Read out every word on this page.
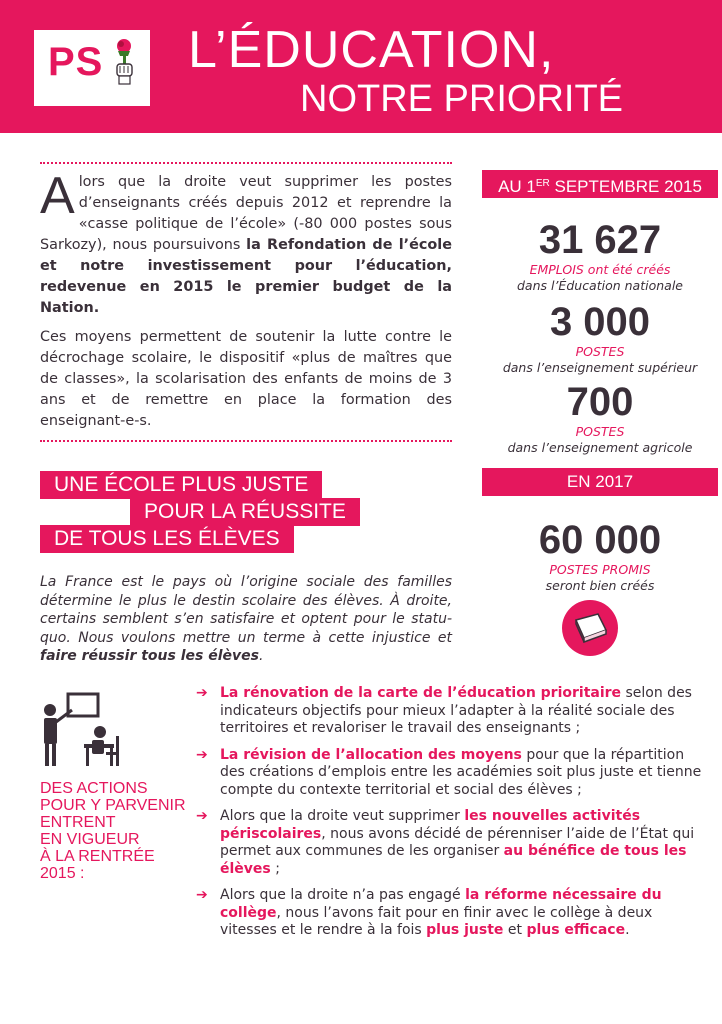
PS L’ÉDUCATION,
NOTRE PRIORITÉ

A lors que la droite veut supprimer les postes d’enseignants créés depuis 2012 et reprendre la «casse politique de l’école» (-80 000 postes sous Sarkozy), nous poursuivons la Refondation de l’école et notre investissement pour l’éducation, redevenue en 2015 le premier budget de la Nation.

Ces moyens permettent de soutenir la lutte contre le décrochage scolaire, le dispositif «plus de maîtres que de classes», la scolarisation des enfants de moins de 3 ans et de remettre en place la formation des enseignant-e-s.

AU 1ER SEPTEMBRE 2015
31 627
EMPLOIS ont été créés
dans l’Éducation nationale
3 000
POSTES
dans l’enseignement supérieur
700
POSTES
dans l’enseignement agricole
EN 2017
60 000
POSTES PROMIS
seront bien créés
UNE ÉCOLE PLUS JUSTE
POUR LA RÉUSSITE
DE TOUS LES ÉLÈVES
La France est le pays où l’origine sociale des familles détermine le plus le destin scolaire des élèves. À droite, certains semblent s’en satisfaire et optent pour le statu-quo. Nous voulons mettre un terme à cette injustice et faire réussir tous les élèves.
DES ACTIONS
POUR Y PARVENIR
ENTRENT
EN VIGUEUR
À LA RENTRÉE
2015 :
➔ La rénovation de la carte de l’éducation prioritaire selon des indicateurs objectifs pour mieux l’adapter à la réalité sociale des territoires et revaloriser le travail des enseignants ;
➔ La révision de l’allocation des moyens pour que la répartition des créations d’emplois entre les académies soit plus juste et tienne compte du contexte territorial et social des élèves ;
➔ Alors que la droite veut supprimer les nouvelles activités périscolaires, nous avons décidé de pérenniser l’aide de l’État qui permet aux communes de les organiser au bénéfice de tous les élèves ;
➔ Alors que la droite n’a pas engagé la réforme nécessaire du collège, nous l’avons fait pour en finir avec le collège à deux vitesses et le rendre à la fois plus juste et plus efficace.
